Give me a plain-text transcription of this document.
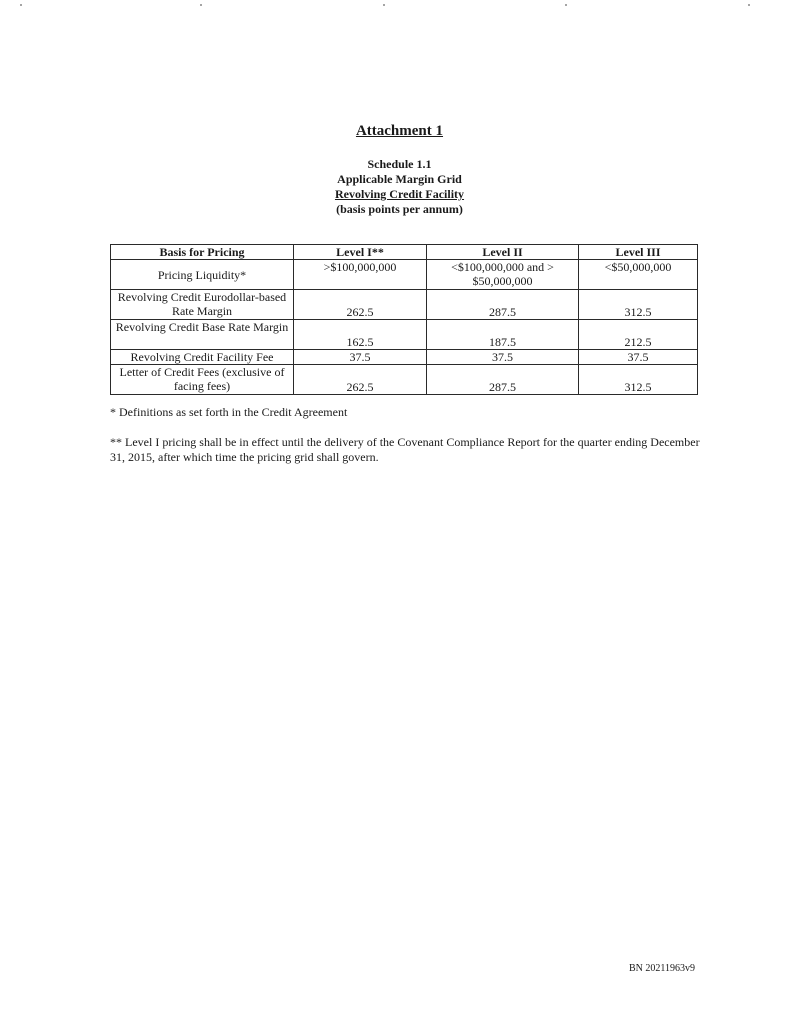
Attachment 1
Schedule 1.1
Applicable Margin Grid
Revolving Credit Facility
(basis points per annum)
Basis for Pricing	Level I**	Level II	Level III
Pricing Liquidity*	>$100,000,000	<$100,000,000 and > $50,000,000	<$50,000,000
Revolving Credit Eurodollar-based Rate Margin	262.5	287.5	312.5
Revolving Credit Base Rate Margin	162.5	187.5	212.5
Revolving Credit Facility Fee	37.5	37.5	37.5
Letter of Credit Fees (exclusive of facing fees)	262.5	287.5	312.5
* Definitions as set forth in the Credit Agreement
** Level I pricing shall be in effect until the delivery of the Covenant Compliance Report for the quarter ending December 31, 2015, after which time the pricing grid shall govern.
BN 20211963v9
